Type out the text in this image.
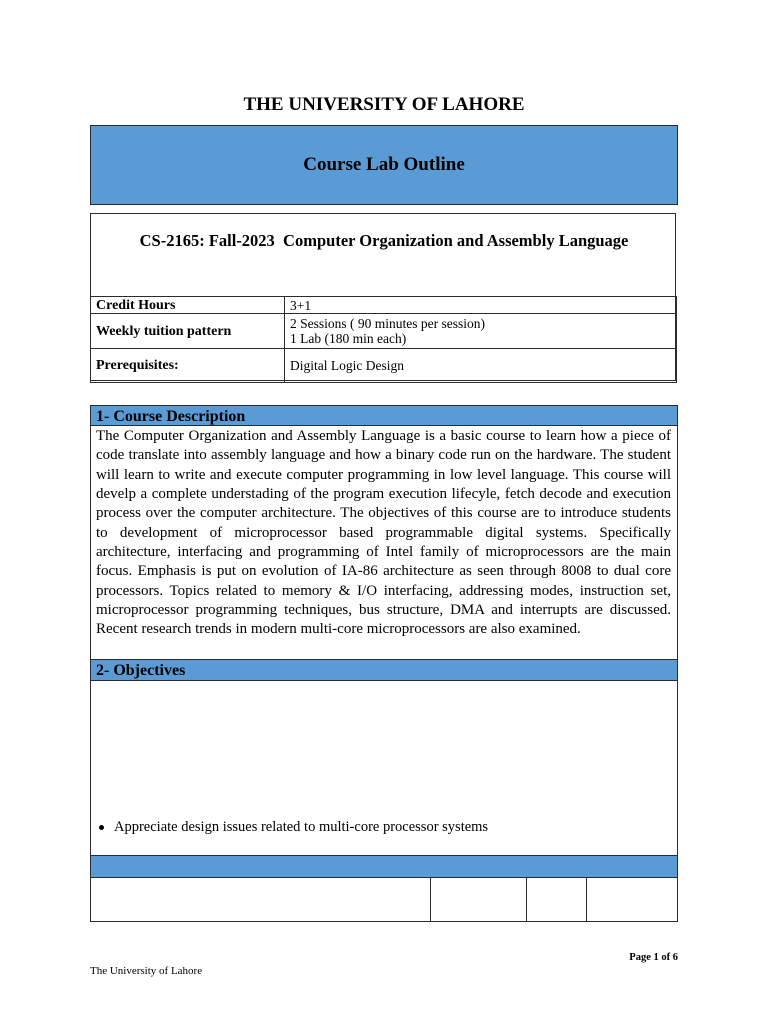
THE UNIVERSITY OF LAHORE
Course Lab Outline
CS-2165: Fall-2023  Computer Organization and Assembly Language
Credit Hours	3+1
Weekly tuition pattern	2 Sessions ( 90 minutes per session)
1 Lab (180 min each)

Prerequisites:	Digital Logic Design
1- Course Description
The Computer Organization and Assembly Language is a basic course to learn how a piece of code translate into assembly language and how a binary code run on the hardware. The student will learn to write and execute computer programming in low level language. This course will develp a complete understading of the program execution lifecyle, fetch decode and execution process over the computer architecture. The objectives of this course are to introduce students to development of microprocessor based programmable digital systems. Specifically architecture, interfacing and programming of Intel family of microprocessors are the main focus. Emphasis is put on evolution of IA-86 architecture as seen through 8008 to dual core processors. Topics related to memory & I/O interfacing, addressing modes, instruction set, microprocessor programming techniques, bus structure, DMA and interrupts are discussed. Recent research trends in modern multi-core microprocessors are also examined.
2- Objectives
Appreciate design issues related to multi-core processor systems
Page 1 of 6
The University of Lahore
